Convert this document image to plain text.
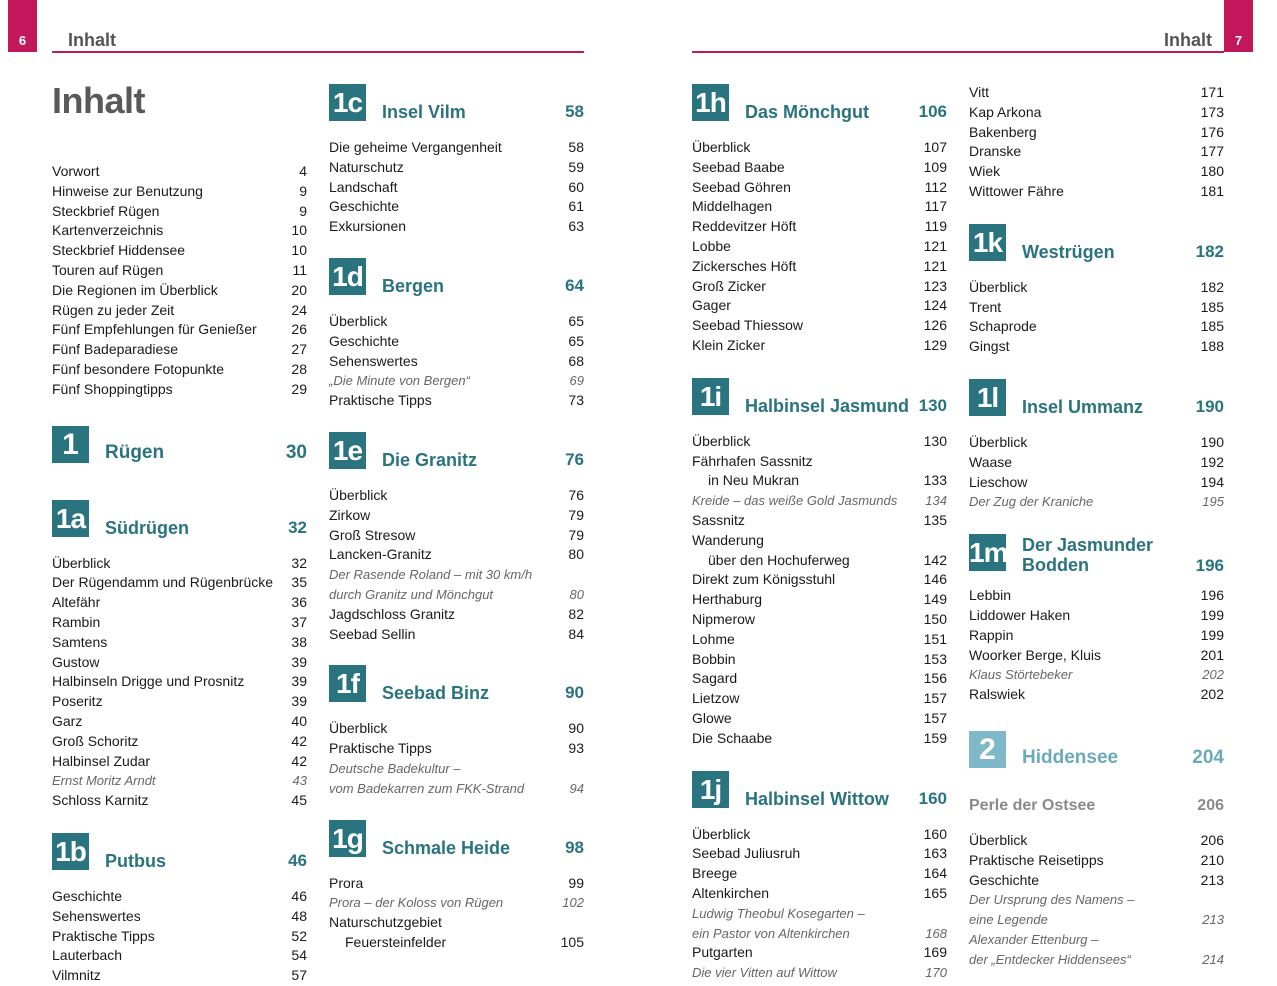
6	Inhalt	7
Inhalt
Inhalt
Vorwort	4
Hinweise zur Benutzung	9
Steckbrief Rügen	9
Kartenverzeichnis	10
Steckbrief Hiddensee	10
Touren auf Rügen	11
Die Regionen im Überblick	20
Rügen zu jeder Zeit	24
Fünf Empfehlungen für Genießer 26
Fünf Badeparadiese	27
Fünf besondere Fotopunkte	28
Fünf Shoppingtipps	29
1	Rügen	30
1a Südrügen	32
Überblick	32
Der Rügendamm und Rügenbrücke 35
Altefähr	36
Rambin	37
Samtens	38
Gustow	39
Halbinseln Drigge und Prosnitz	39
Poseritz	39
Garz	40
Groß Schoritz	42
Halbinsel Zudar	42
Ernst Moritz Arndt	43
Schloss Karnitz	45
1b Putbus	46
Geschichte	46
Sehenswertes	48
Praktische Tipps	52
Lauterbach	54
Vilmnitz	57
1c Insel Vilm	58
Die geheime Vergangenheit	58
Naturschutz	59
Landschaft	60
Geschichte	61
Exkursionen	63
1d Bergen	64
Überblick	65
Geschichte	65
Sehenswertes	68
„Die Minute von Bergen“	69
Praktische Tipps	73
1e Die Granitz	76
Überblick	76
Zirkow	79
Groß Stresow	79
Lancken-Granitz	80
Der Rasende Roland – mit 30 km/h
durch Granitz und Mönchgut	80
Jagdschloss Granitz	82
Seebad Sellin	84
1f	Seebad Binz	90
Überblick	90
Praktische Tipps	93
Deutsche Badekultur –
vom Badekarren zum FKK-Strand	94
1g Schmale Heide	98
Prora	99
Prora – der Koloss von Rügen	102
Naturschutzgebiet
Feuersteinfelder	105
1h Das Mönchgut	106
Überblick	107
Seebad Baabe	109
Seebad Göhren	112
Middelhagen	117
Reddevitzer Höft	119
Lobbe	121
Zickersches Höft	121
Groß Zicker	123
Gager	124
Seebad Thiessow	126
Klein Zicker	129
1i	Halbinsel Jasmund 130
Überblick	130
Fährhafen Sassnitz
in Neu Mukran	133
Kreide – das weiße Gold Jasmunds 134
Sassnitz	135
Wanderung
über den Hochuferweg	142
Direkt zum Königsstuhl	146
Herthaburg	149
Nipmerow	150
Lohme	151
Bobbin	153
Sagard	156
Lietzow	157
Glowe	157
Die Schaabe	159
1j	Halbinsel Wittow 160
Überblick	160
Seebad Juliusruh	163
Breege	164
Altenkirchen	165
Ludwig Theobul Kosegarten –
ein Pastor von Altenkirchen	168
Putgarten	169
Die vier Vitten auf Wittow	170
Vitt	171
Kap Arkona	173
Bakenberg	176
Dranske	177
Wiek	180
Wittower Fähre	181
1k Westrügen	182
Überblick	182
Trent	185
Schaprode	185
Gingst	188
1l	Insel Ummanz	190
Überblick	190
Waase	192
Lieschow	194
Der Zug der Kraniche	195
1m Der Jasmunder
Bodden	196
Lebbin	196
Liddower Haken	199
Rappin	199
Woorker Berge, Kluis	201
Klaus Störtebeker	202
Ralswiek	202
2	Hiddensee	204
Perle der Ostsee	206
Überblick	206
Praktische Reisetipps	210
Geschichte	213
Der Ursprung des Namens –
eine Legende	213
Alexander Ettenburg –
der „Entdecker Hiddensees“	214
